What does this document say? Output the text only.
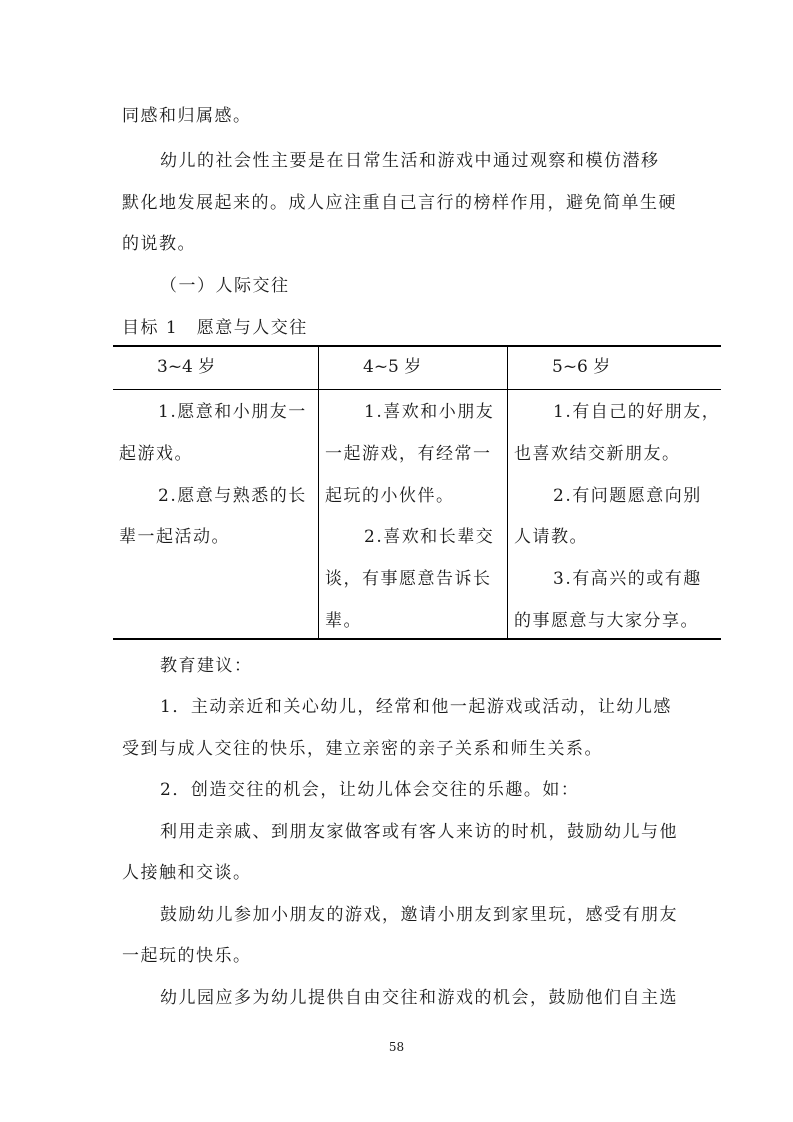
同感和归属感。
幼儿的社会性主要是在日常生活和游戏中通过观察和模仿潜移
默化地发展起来的。成人应注重自己言行的榜样作用，避免简单生硬
的说教。
（一）人际交往
目标 1　愿意与人交往
3~4 岁	4~5 岁	5~6 岁
1.愿意和小朋友一
起游戏。
2.愿意与熟悉的长
辈一起活动。
1.喜欢和小朋友
一起游戏，有经常一
起玩的小伙伴。
2.喜欢和长辈交
谈，有事愿意告诉长
辈。
1.有自己的好朋友，
也喜欢结交新朋友。
2.有问题愿意向别
人请教。
3.有高兴的或有趣
的事愿意与大家分享。
教育建议：
1．主动亲近和关心幼儿，经常和他一起游戏或活动，让幼儿感
受到与成人交往的快乐，建立亲密的亲子关系和师生关系。
2．创造交往的机会，让幼儿体会交往的乐趣。如：
利用走亲戚、到朋友家做客或有客人来访的时机，鼓励幼儿与他
人接触和交谈。
鼓励幼儿参加小朋友的游戏，邀请小朋友到家里玩，感受有朋友
一起玩的快乐。
幼儿园应多为幼儿提供自由交往和游戏的机会，鼓励他们自主选
58
